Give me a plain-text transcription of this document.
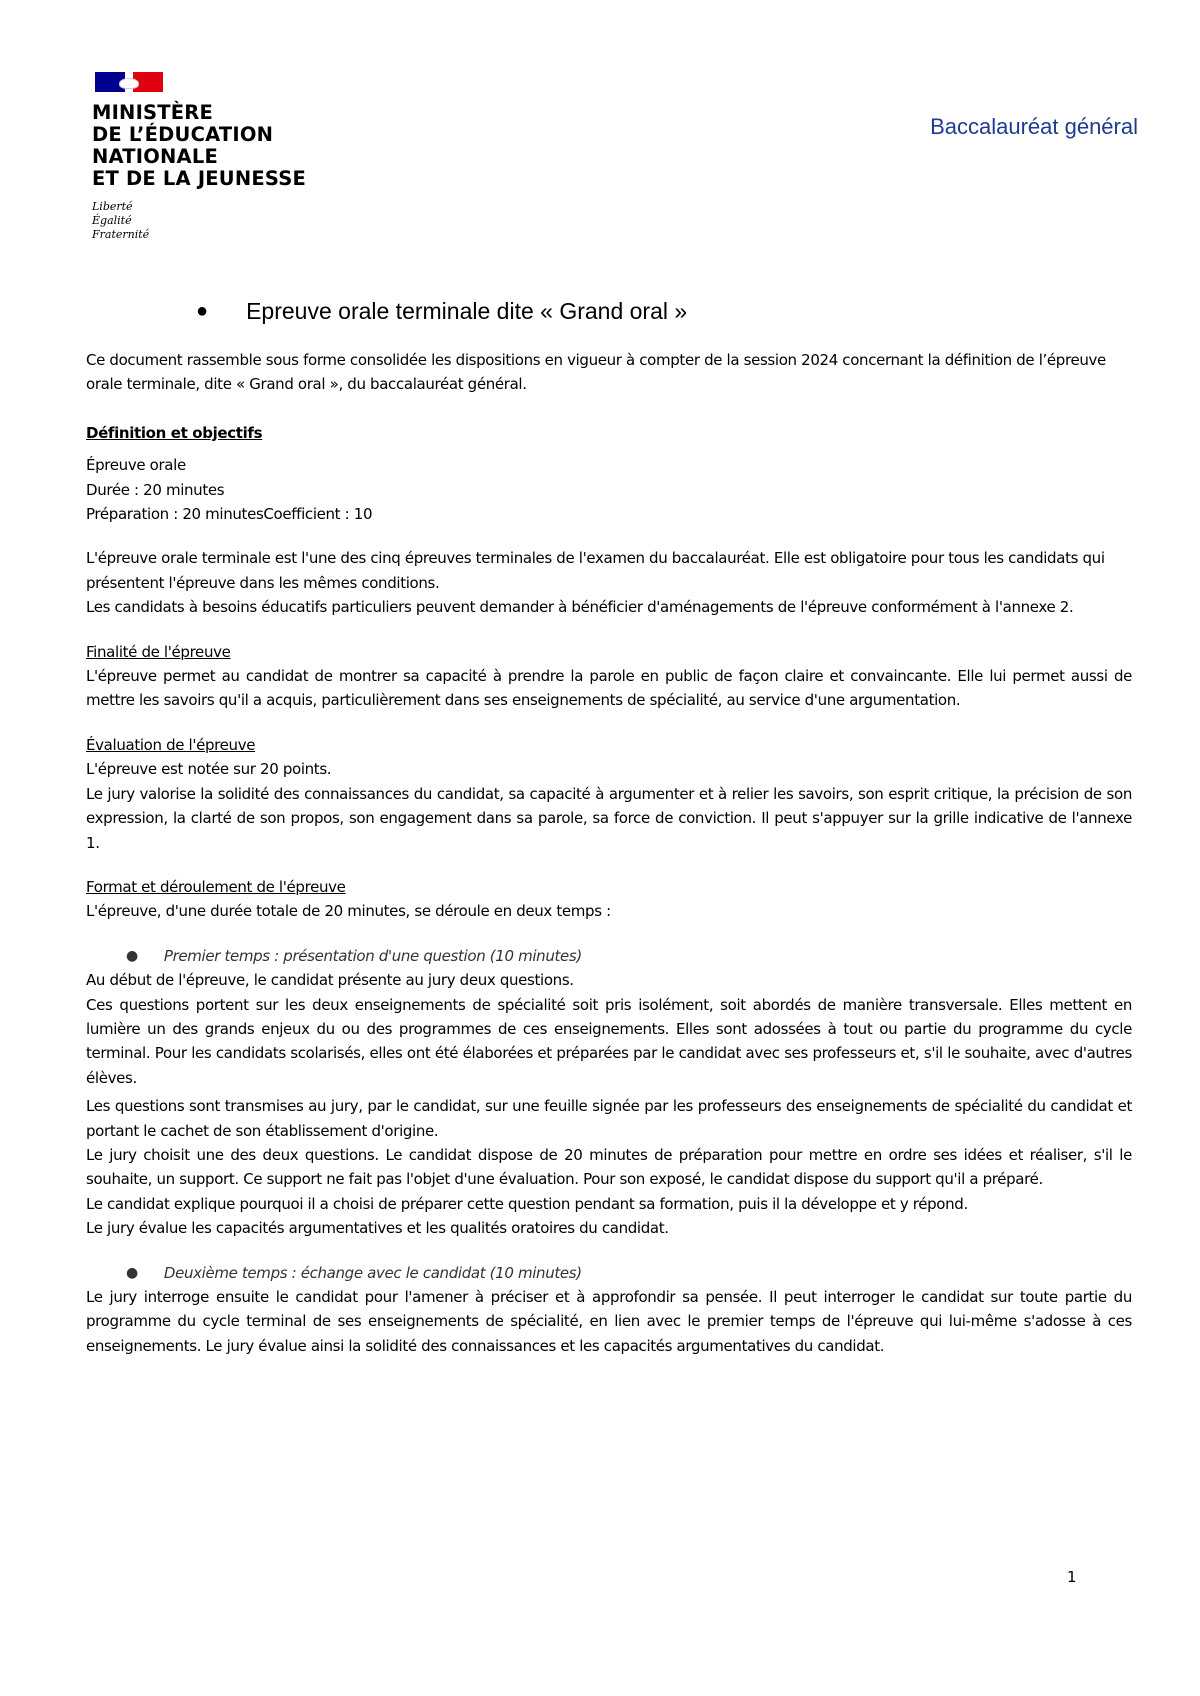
MINISTÈRE
DE L’ÉDUCATION
NATIONALE
ET DE LA JEUNESSE
Liberté
Égalité
Fraternité
Baccalauréat général
● Epreuve orale terminale dite « Grand oral »

Ce document rassemble sous forme consolidée les dispositions en vigueur à compter de la session 2024 concernant la définition de l’épreuve orale terminale, dite « Grand oral », du baccalauréat général.

Définition et objectifs

Épreuve orale

Durée : 20 minutes

Préparation : 20 minutesCoefficient : 10

L'épreuve orale terminale est l'une des cinq épreuves terminales de l'examen du baccalauréat. Elle est obligatoire pour tous les candidats qui présentent l'épreuve dans les mêmes conditions.

Les candidats à besoins éducatifs particuliers peuvent demander à bénéficier d'aménagements de l'épreuve conformément à l'annexe 2.

Finalité de l'épreuve

L'épreuve permet au candidat de montrer sa capacité à prendre la parole en public de façon claire et convaincante. Elle lui permet aussi de mettre les savoirs qu'il a acquis, particulièrement dans ses enseignements de spécialité, au service d'une argumentation.

Évaluation de l'épreuve

L'épreuve est notée sur 20 points.

Le jury valorise la solidité des connaissances du candidat, sa capacité à argumenter et à relier les savoirs, son esprit critique, la précision de son expression, la clarté de son propos, son engagement dans sa parole, sa force de conviction. Il peut s'appuyer sur la grille indicative de l'annexe 1.

Format et déroulement de l'épreuve

L'épreuve, d'une durée totale de 20 minutes, se déroule en deux temps :

● Premier temps : présentation d'une question (10 minutes)

Au début de l'épreuve, le candidat présente au jury deux questions.

Ces questions portent sur les deux enseignements de spécialité soit pris isolément, soit abordés de manière transversale. Elles mettent en lumière un des grands enjeux du ou des programmes de ces enseignements. Elles sont adossées à tout ou partie du programme du cycle terminal. Pour les candidats scolarisés, elles ont été élaborées et préparées par le candidat avec ses professeurs et, s'il le souhaite, avec d'autres élèves.

Les questions sont transmises au jury, par le candidat, sur une feuille signée par les professeurs des enseignements de spécialité du candidat et portant le cachet de son établissement d'origine.

Le jury choisit une des deux questions. Le candidat dispose de 20 minutes de préparation pour mettre en ordre ses idées et réaliser, s'il le souhaite, un support. Ce support ne fait pas l'objet d'une évaluation. Pour son exposé, le candidat dispose du support qu'il a préparé.

Le candidat explique pourquoi il a choisi de préparer cette question pendant sa formation, puis il la développe et y répond.

Le jury évalue les capacités argumentatives et les qualités oratoires du candidat.

● Deuxième temps : échange avec le candidat (10 minutes)

Le jury interroge ensuite le candidat pour l'amener à préciser et à approfondir sa pensée. Il peut interroger le candidat sur toute partie du programme du cycle terminal de ses enseignements de spécialité, en lien avec le premier temps de l'épreuve qui lui-même s'adosse à ces enseignements. Le jury évalue ainsi la solidité des connaissances et les capacités argumentatives du candidat.

1
